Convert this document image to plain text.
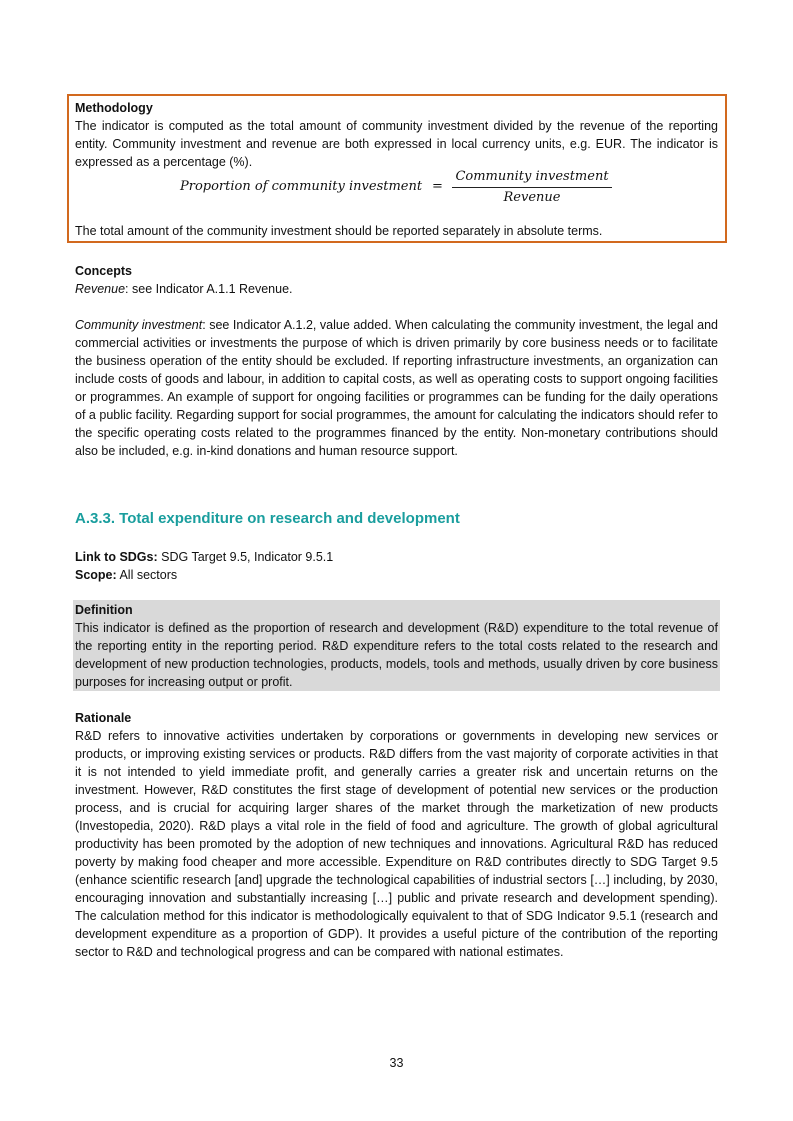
Methodology

The indicator is computed as the total amount of community investment divided by the revenue of the reporting entity. Community investment and revenue are both expressed in local currency units, e.g. EUR. The indicator is expressed as a percentage (%).

Proportion of community investment =
Community investment
Revenue

The total amount of the community investment should be reported separately in absolute terms.

Concepts

Revenue: see Indicator A.1.1 Revenue.

Community investment: see Indicator A.1.2, value added. When calculating the community investment, the legal and commercial activities or investments the purpose of which is driven primarily by core business needs or to facilitate the business operation of the entity should be excluded. If reporting infrastructure investments, an organization can include costs of goods and labour, in addition to capital costs, as well as operating costs to support ongoing facilities or programmes. An example of support for ongoing facilities or programmes can be funding for the daily operations of a public facility. Regarding support for social programmes, the amount for calculating the indicators should refer to the specific operating costs related to the programmes financed by the entity. Non-monetary contributions should also be included, e.g. in-kind donations and human resource support.

A.3.3. Total expenditure on research and development

Link to SDGs: SDG Target 9.5, Indicator 9.5.1

Scope: All sectors

Definition

This indicator is defined as the proportion of research and development (R&D) expenditure to the total revenue of the reporting entity in the reporting period. R&D expenditure refers to the total costs related to the research and development of new production technologies, products, models, tools and methods, usually driven by core business purposes for increasing output or profit.

Rationale

R&D refers to innovative activities undertaken by corporations or governments in developing new services or products, or improving existing services or products. R&D differs from the vast majority of corporate activities in that it is not intended to yield immediate profit, and generally carries a greater risk and uncertain returns on the investment. However, R&D constitutes the first stage of development of potential new services or the production process, and is crucial for acquiring larger shares of the market through the marketization of new products (Investopedia, 2020). R&D plays a vital role in the field of food and agriculture. The growth of global agricultural productivity has been promoted by the adoption of new techniques and innovations. Agricultural R&D has reduced poverty by making food cheaper and more accessible. Expenditure on R&D contributes directly to SDG Target 9.5 (enhance scientific research [and] upgrade the technological capabilities of industrial sectors […] including, by 2030, encouraging innovation and substantially increasing […] public and private research and development spending). The calculation method for this indicator is methodologically equivalent to that of SDG Indicator 9.5.1 (research and development expenditure as a proportion of GDP). It provides a useful picture of the contribution of the reporting sector to R&D and technological progress and can be compared with national estimates.

33
